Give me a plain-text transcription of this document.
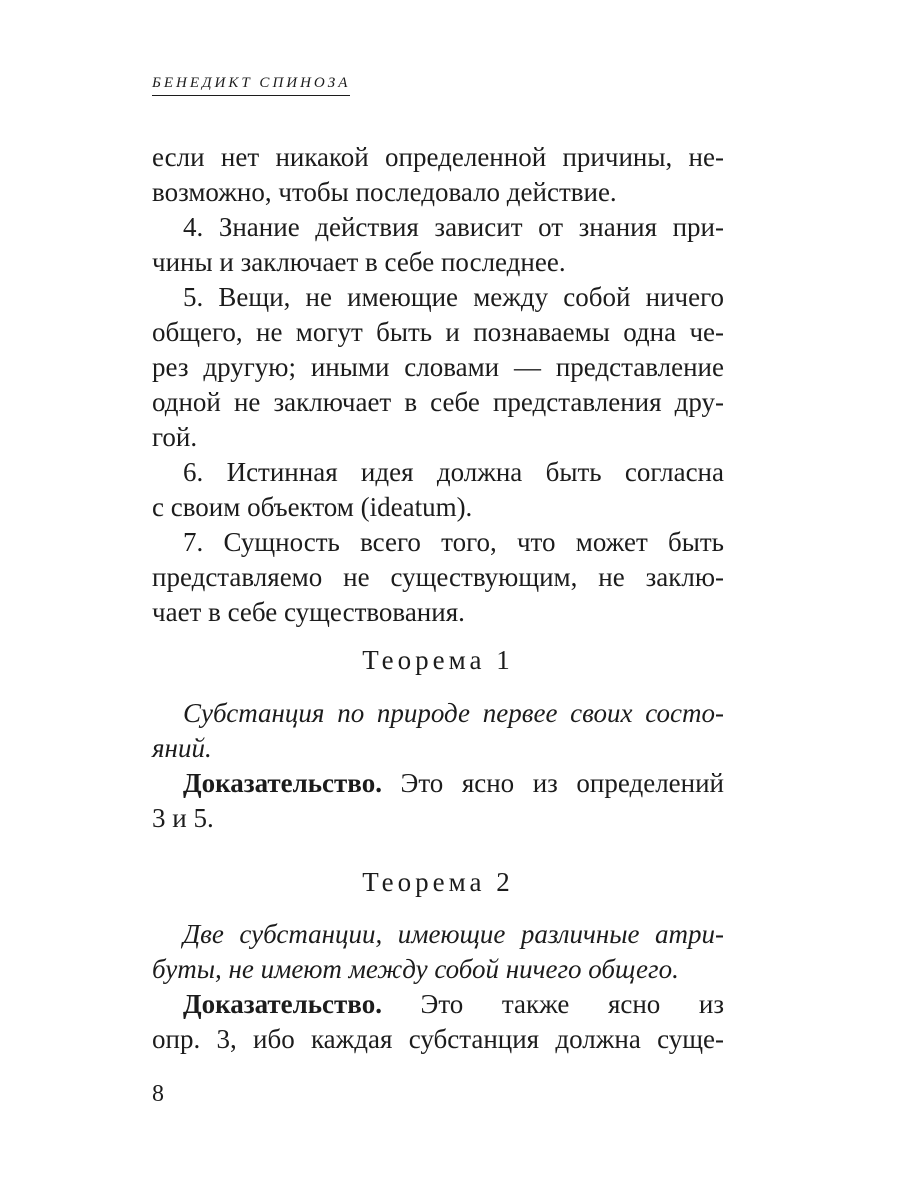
БЕНЕДИКТ СПИНОЗА
если нет никакой определенной причины, не-
возможно, чтобы последовало действие.
4. Знание действия зависит от знания при-
чины и заключает в себе последнее.
5. Вещи, не имеющие между собой ничего
общего, не могут быть и познаваемы одна че-
рез другую; иными словами — представление
одной не заключает в себе представления дру-
гой.
6. Истинная идея должна быть согласна
с своим объектом (ideatum).
7. Сущность всего того, что может быть
представляемо не существующим, не заклю-
чает в себе существования.
Теорема 1
Субстанция по природе первее своих состо-
яний.
Доказательство. Это ясно из определений
3 и 5.
Теорема 2
Две субстанции, имеющие различные атри-
буты, не имеют между собой ничего общего.
Доказательство. Это также ясно из
опр. 3, ибо каждая субстанция должна суще-
8
